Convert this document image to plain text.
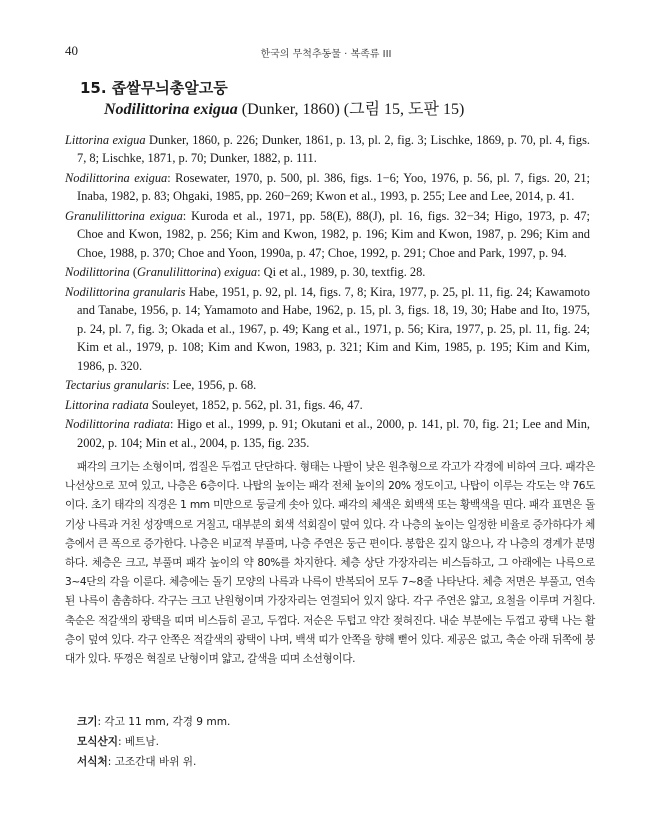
40	한국의 무척추동물 · 복족류 III
15. 좁쌀무늬총알고둥
Nodilittorina exigua (Dunker, 1860) (그림 15, 도판 15)

Littorina exigua Dunker, 1860, p. 226; Dunker, 1861, p. 13, pl. 2, fig. 3; Lischke, 1869, p. 70, pl. 4, figs. 7, 8; Lischke, 1871, p. 70; Dunker, 1882, p. 111.

Nodilittorina exigua: Rosewater, 1970, p. 500, pl. 386, figs. 1−6; Yoo, 1976, p. 56, pl. 7, figs. 20, 21; Inaba, 1982, p. 83; Ohgaki, 1985, pp. 260−269; Kwon et al., 1993, p. 255; Lee and Lee, 2014, p. 41.

Granulilittorina exigua: Kuroda et al., 1971, pp. 58(E), 88(J), pl. 16, figs. 32−34; Higo, 1973, p. 47; Choe and Kwon, 1982, p. 256; Kim and Kwon, 1982, p. 196; Kim and Kwon, 1987, p. 296; Kim and Choe, 1988, p. 370; Choe and Yoon, 1990a, p. 47; Choe, 1992, p. 291; Choe and Park, 1997, p. 94.

Nodilittorina (Granulilittorina) exigua: Qi et al., 1989, p. 30, textfig. 28.

Nodilittorina granularis Habe, 1951, p. 92, pl. 14, figs. 7, 8; Kira, 1977, p. 25, pl. 11, fig. 24; Kawamoto and Tanabe, 1956, p. 14; Yamamoto and Habe, 1962, p. 15, pl. 3, figs. 18, 19, 30; Habe and Ito, 1975, p. 24, pl. 7, fig. 3; Okada et al., 1967, p. 49; Kang et al., 1971, p. 56; Kira, 1977, p. 25, pl. 11, fig. 24; Kim et al., 1979, p. 108; Kim and Kwon, 1983, p. 321; Kim and Kim, 1985, p. 195; Kim and Kim, 1986, p. 320.

Tectarius granularis: Lee, 1956, p. 68.

Littorina radiata Souleyet, 1852, p. 562, pl. 31, figs. 46, 47.

Nodilittorina radiata: Higo et al., 1999, p. 91; Okutani et al., 2000, p. 141, pl. 70, fig. 21; Lee and Min, 2002, p. 104; Min et al., 2004, p. 135, fig. 235.

패각의 크기는 소형이며, 껍질은 두껍고 단단하다. 형태는 나팔이 낮은 원추형으로 각고가 각경에 비하여 크다. 패각은 나선상으로 꼬여 있고, 나층은 6층이다. 나탑의 높이는 패각 전체 높이의 20% 정도이고, 나탑이 이루는 각도는 약 76도이다. 초기 태각의 직경은 1 mm 미만으로 둥글게 솟아 있다. 패각의 체색은 회백색 또는 황백색을 띤다. 패각 표면은 돌기상 나륵과 거친 성장맥으로 거칠고, 대부분의 회색 석회질이 덮여 있다. 각 나층의 높이는 일정한 비율로 증가하다가 체층에서 큰 폭으로 증가한다. 나층은 비교적 부풀며, 나층 주연은 둥근 편이다. 봉합은 깊지 않으나, 각 나층의 경계가 분명하다. 체층은 크고, 부풀며 패각 높이의 약 80%를 차지한다. 체층 상단 가장자리는 비스듬하고, 그 아래에는 나륵으로 3~4단의 각을 이룬다. 체층에는 돌기 모양의 나륵과 나륵이 반복되어 모두 7~8줄 나타난다. 체층 저면은 부풀고, 연속된 나륵이 촘촘하다. 각구는 크고 난원형이며 가장자리는 연결되어 있지 않다. 각구 주연은 얇고, 요철을 이루며 거칠다. 축순은 적갈색의 광택을 띠며 비스듬히 곧고, 두껍다. 저순은 두텁고 약간 젖혀진다. 내순 부분에는 두껍고 광택 나는 활층이 덮여 있다. 각구 안쪽은 적갈색의 광택이 나며, 백색 띠가 안쪽을 향해 뻗어 있다. 제공은 없고, 축순 아래 뒤쪽에 붕대가 있다. 뚜껑은 혁질로 난형이며 얇고, 갈색을 띠며 소선형이다.

크기: 각고 11 mm, 각경 9 mm.
모식산지: 베트남.
서식처: 고조간대 바위 위.
